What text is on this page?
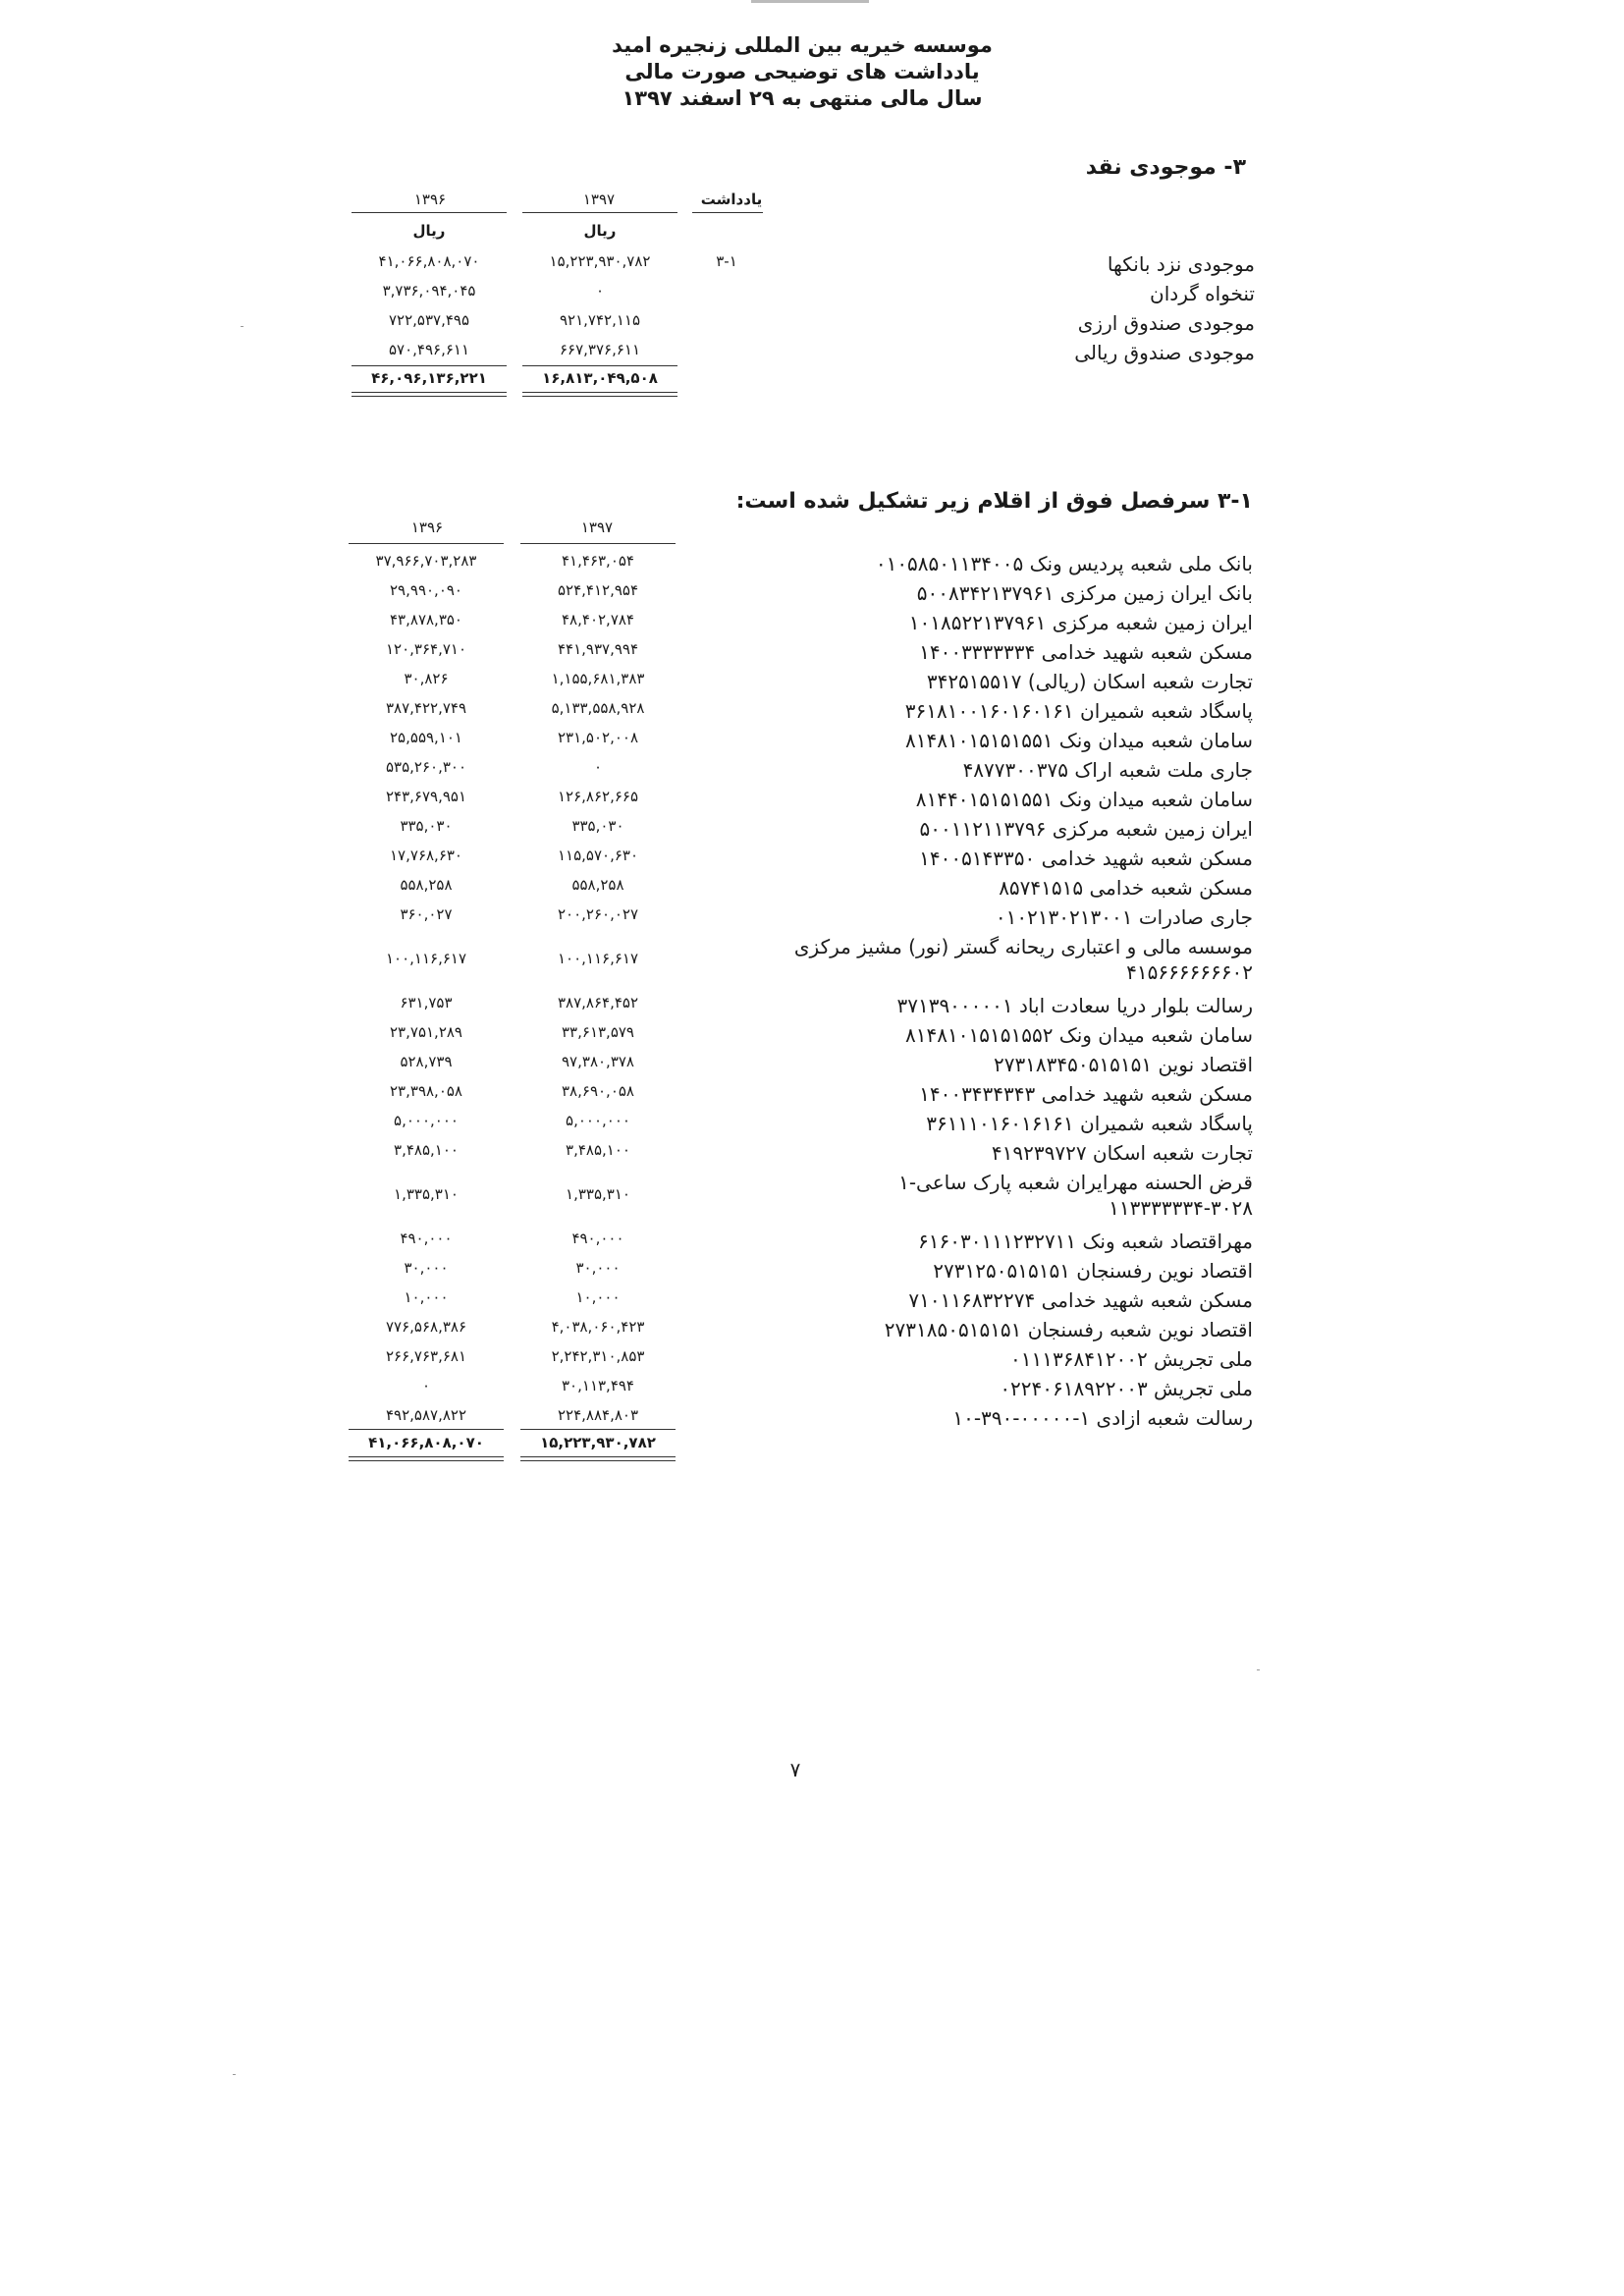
موسسه خیریه بین المللی زنجیره امید
یادداشت های توضیحی صورت مالی
سال مالی منتهی به ۲۹ اسفند ۱۳۹۷
۳- موجودی نقد
یادداشت
۱۳۹۷
۱۳۹۶
ریال
ریال
موجودی نزد بانکها
۳-۱
۱۵,۲۲۳,۹۳۰,۷۸۲
۴۱,۰۶۶,۸۰۸,۰۷۰
تنخواه گردان
۰
۳,۷۳۶,۰۹۴,۰۴۵
موجودی صندوق ارزی
۹۲۱,۷۴۲,۱۱۵
۷۲۲,۵۳۷,۴۹۵
موجودی صندوق ریالی
۶۶۷,۳۷۶,۶۱۱
۵۷۰,۴۹۶,۶۱۱
۱۶,۸۱۳,۰۴۹,۵۰۸
۴۶,۰۹۶,۱۳۶,۲۲۱
۳-۱ سرفصل فوق از اقلام زیر تشکیل شده است:
۱۳۹۷
۱۳۹۶
بانک ملی شعبه پردیس ونک ۰۱۰۵۸۵۰۱۱۳۴۰۰۵
۴۱,۴۶۳,۰۵۴
۳۷,۹۶۶,۷۰۳,۲۸۳
بانک ایران زمین مرکزی ۵۰۰۸۳۴۲۱۳۷۹۶۱
۵۲۴,۴۱۲,۹۵۴
۲۹,۹۹۰,۰۹۰
ایران زمین شعبه مرکزی ۱۰۱۸۵۲۲۱۳۷۹۶۱
۴۸,۴۰۲,۷۸۴
۴۳,۸۷۸,۳۵۰
مسکن شعبه شهید خدامی ۱۴۰۰۳۳۳۳۳۳۴
۴۴۱,۹۳۷,۹۹۴
۱۲۰,۳۶۴,۷۱۰
تجارت شعبه اسکان (ریالی) ۳۴۲۵۱۵۵۱۷
۱,۱۵۵,۶۸۱,۳۸۳
۳۰,۸۲۶
پاسگاد شعبه شمیران ۳۶۱۸۱۰۰۱۶۰۱۶۰۱۶۱
۵,۱۳۳,۵۵۸,۹۲۸
۳۸۷,۴۲۲,۷۴۹
سامان شعبه میدان ونک ۸۱۴۸۱۰۱۵۱۵۱۵۵۱
۲۳۱,۵۰۲,۰۰۸
۲۵,۵۵۹,۱۰۱
جاری ملت شعبه اراک ۴۸۷۷۳۰۰۳۷۵
۰
۵۳۵,۲۶۰,۳۰۰
سامان شعبه میدان ونک ۸۱۴۴۰۱۵۱۵۱۵۵۱
۱۲۶,۸۶۲,۶۶۵
۲۴۳,۶۷۹,۹۵۱
ایران زمین شعبه مرکزی ۵۰۰۱۱۲۱۱۳۷۹۶
۳۳۵,۰۳۰
۳۳۵,۰۳۰
مسکن شعبه شهید خدامی ۱۴۰۰۵۱۴۳۳۵۰
۱۱۵,۵۷۰,۶۳۰
۱۷,۷۶۸,۶۳۰
مسکن شعبه خدامی ۸۵۷۴۱۵۱۵
۵۵۸,۲۵۸
۵۵۸,۲۵۸
جاری صادرات ۰۱۰۲۱۳۰۲۱۳۰۰۱
۲۰۰,۲۶۰,۰۲۷
۳۶۰,۰۲۷
موسسه مالی و اعتباری ریحانه گستر (نور) مشیز مرکزی
۴۱۵۶۶۶۶۶۶۶۰۲
۱۰۰,۱۱۶,۶۱۷
۱۰۰,۱۱۶,۶۱۷
رسالت بلوار دریا سعادت اباد ۳۷۱۳۹۰۰۰۰۰۱
۳۸۷,۸۶۴,۴۵۲
۶۳۱,۷۵۳
سامان شعبه میدان ونک ۸۱۴۸۱۰۱۵۱۵۱۵۵۲
۳۳,۶۱۳,۵۷۹
۲۳,۷۵۱,۲۸۹
اقتصاد نوین ۲۷۳۱۸۳۴۵۰۵۱۵۱۵۱
۹۷,۳۸۰,۳۷۸
۵۲۸,۷۳۹
مسکن شعبه شهید خدامی ۱۴۰۰۳۴۳۴۳۴۳
۳۸,۶۹۰,۰۵۸
۲۳,۳۹۸,۰۵۸
پاسگاد شعبه شمیران ۳۶۱۱۱۰۱۶۰۱۶۱۶۱
۵,۰۰۰,۰۰۰
۵,۰۰۰,۰۰۰
تجارت شعبه اسکان ۴۱۹۲۳۹۷۲۷
۳,۴۸۵,۱۰۰
۳,۴۸۵,۱۰۰
قرض الحسنه مهرایران شعبه پارک ساعی-۱
۱۱۳۳۳۳۳۳۴-۳۰۲۸
۱,۳۳۵,۳۱۰
۱,۳۳۵,۳۱۰
مهراقتصاد شعبه ونک ۶۱۶۰۳۰۱۱۱۲۳۲۷۱۱
۴۹۰,۰۰۰
۴۹۰,۰۰۰
اقتصاد نوین رفسنجان ۲۷۳۱۲۵۰۵۱۵۱۵۱
۳۰,۰۰۰
۳۰,۰۰۰
مسکن شعبه شهید خدامی ۷۱۰۱۱۶۸۳۲۲۷۴
۱۰,۰۰۰
۱۰,۰۰۰
اقتصاد نوین شعبه رفسنجان ۲۷۳۱۸۵۰۵۱۵۱۵۱
۴,۰۳۸,۰۶۰,۴۲۳
۷۷۶,۵۶۸,۳۸۶
ملی تجریش ۰۱۱۱۳۶۸۴۱۲۰۰۲
۲,۲۴۲,۳۱۰,۸۵۳
۲۶۶,۷۶۳,۶۸۱
ملی تجریش ۰۲۲۴۰۶۱۸۹۲۲۰۰۳
۳۰,۱۱۳,۴۹۴
۰
رسالت شعبه ازادی ۱-۰۰۰۰۰-۳۹۰-۱۰
۲۲۴,۸۸۴,۸۰۳
۴۹۲,۵۸۷,۸۲۲
۱۵,۲۲۳,۹۳۰,۷۸۲
۴۱,۰۶۶,۸۰۸,۰۷۰
۷
